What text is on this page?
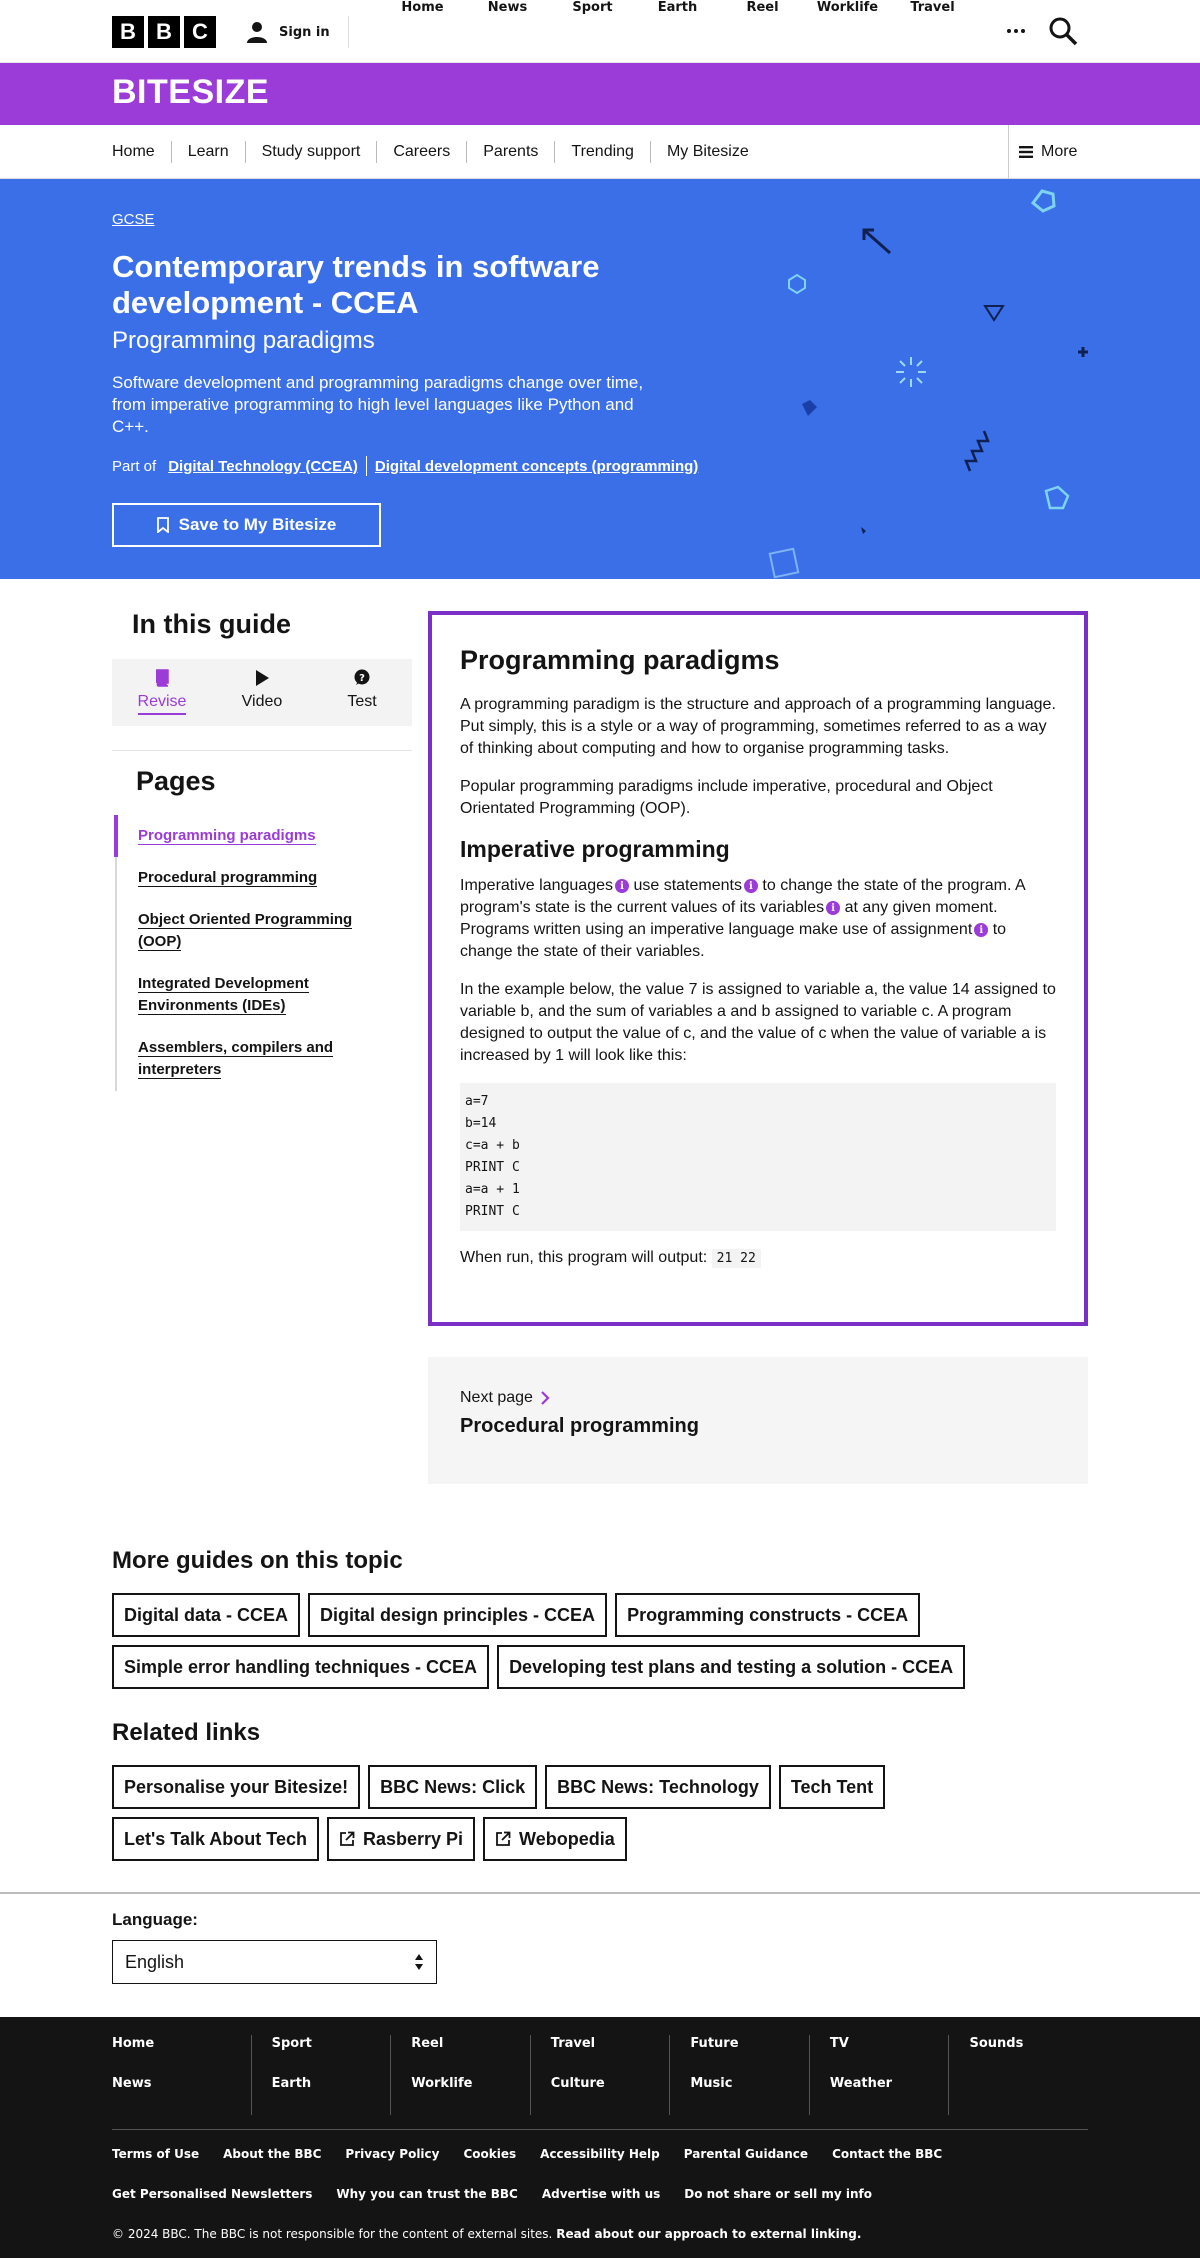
B B C	Sign in
Home	News	Sport	Earth	Reel	Worklife	Travel
BITESIZE
Home	Learn	Study support	Careers	Parents	Trending	My Bitesize	More
GCSE
Contemporary trends in software development - CCEA
Programming paradigms
Software development and programming paradigms change over time, from imperative programming to high level languages like Python and C++.
Part of Digital Technology (CCEA) Digital development concepts (programming)
Save to My Bitesize
In this guide
Revise	Video
?
Test
Pages
Programming paradigms
Procedural programming
Object Oriented Programming (OOP)
Integrated Development Environments (IDEs)
Assemblers, compilers and interpreters
Programming paradigms

A programming paradigm is the structure and approach of a programming language. Put simply, this is a style or a way of programming, sometimes referred to as a way of thinking about computing and how to organise programming tasks.

Popular programming paradigms include imperative, procedural and Object Orientated Programming (OOP).

Imperative programming

Imperative languages i use statements i to change the state of the program. A program's state is the current values of its variables i at any given moment. Programs written using an imperative language make use of assignment i to change the state of their variables.

In the example below, the value 7 is assigned to variable a, the value 14 assigned to variable b, and the sum of variables a and b assigned to variable c. A program designed to output the value of c, and the value of c when the value of variable a is increased by 1 will look like this:

a=7
b=14
c=a + b
PRINT C
a=a + 1
PRINT C

When run, this program will output: 21 22

Next page
Procedural programming
More guides on this topic
Digital data - CCEA	Digital design principles - CCEA	Programming constructs - CCEA
Simple error handling techniques - CCEA	Developing test plans and testing a solution - CCEA
Related links
Personalise your Bitesize!	BBC News: Click	BBC News: Technology	Tech Tent
Let's Talk About Tech	Rasberry Pi	Webopedia
Language:
English
Home
News
Sport
Earth
Reel
Worklife
Travel
Culture
Future
Music
TV
Weather
Sounds
Terms of Use About the BBC Privacy Policy Cookies Accessibility Help Parental Guidance Contact the BBC
Get Personalised Newsletters Why you can trust the BBC Advertise with us Do not share or sell my info
© 2024 BBC. The BBC is not responsible for the content of external sites. Read about our approach to external linking.
